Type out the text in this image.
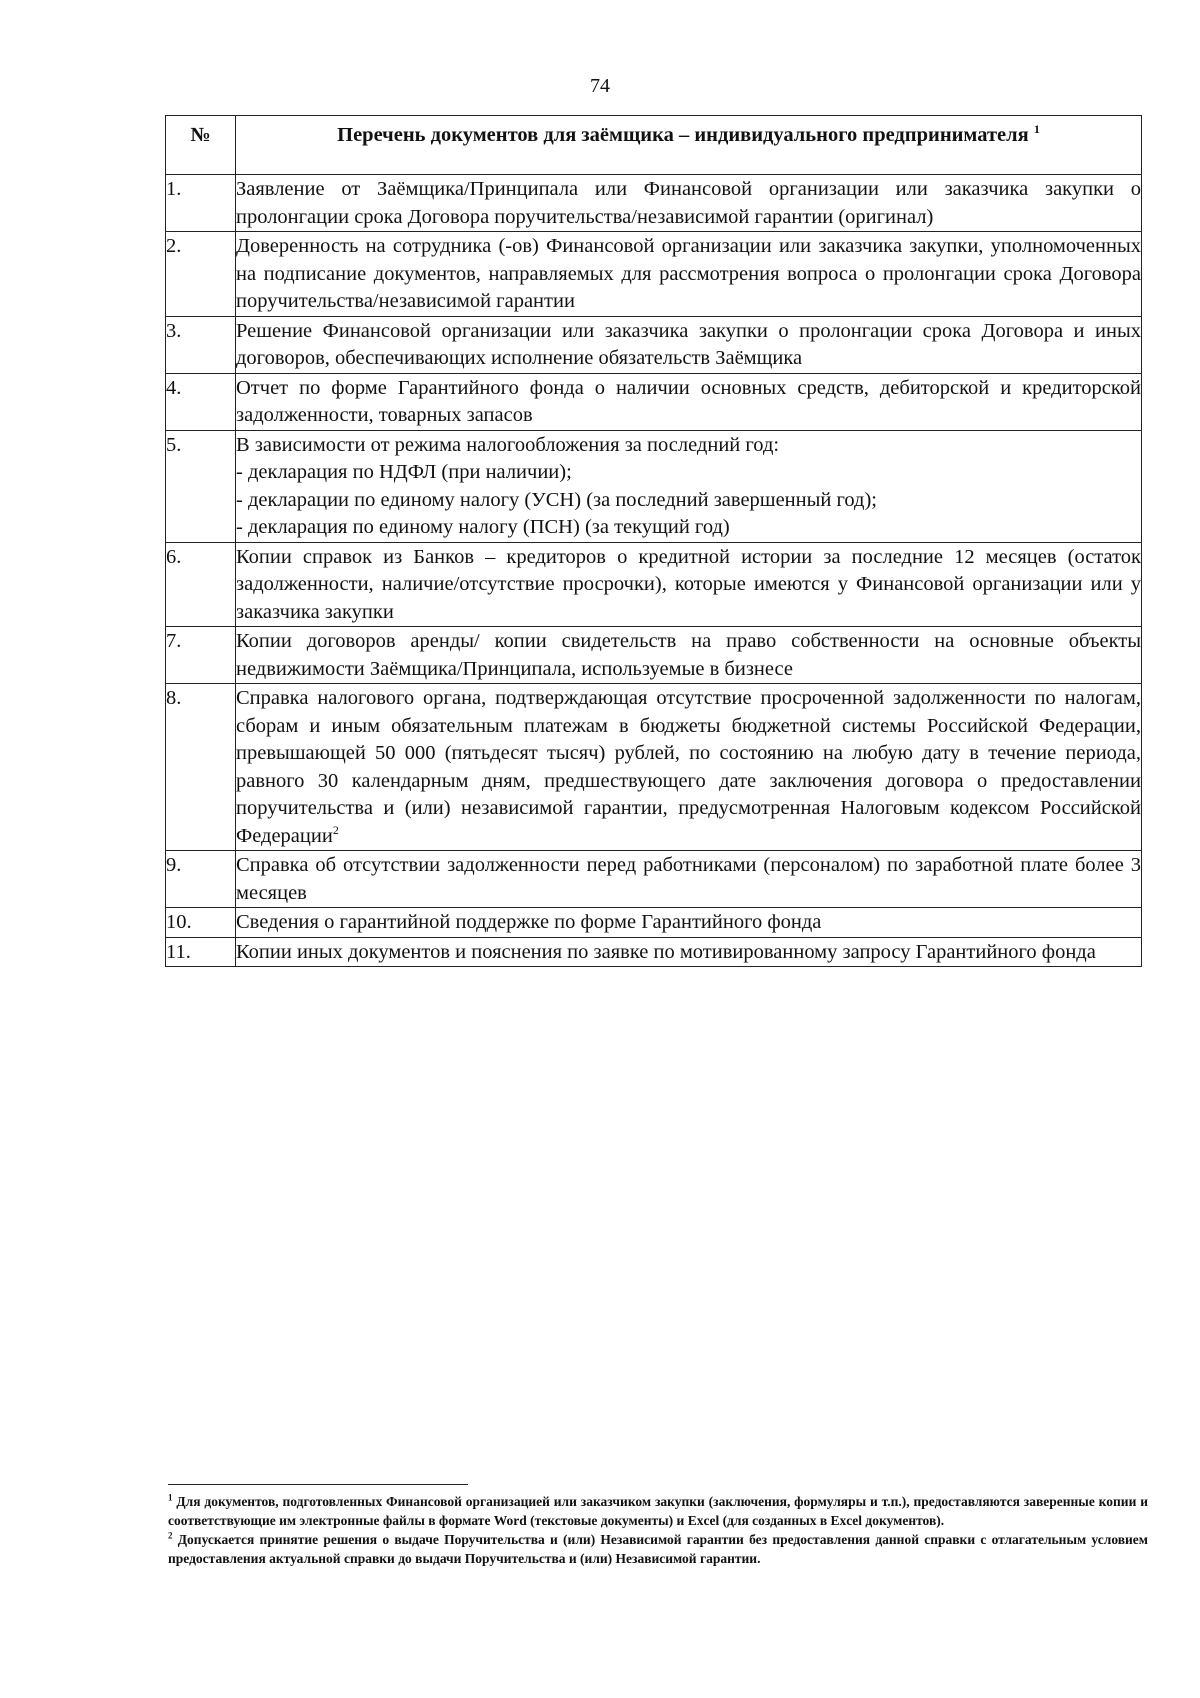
74
№	Перечень документов для заёмщика – индивидуального предпринимателя $^1$
1.	Заявление от Заёмщика/Принципала или Финансовой организации или заказчика закупки о пролонгации срока Договора поручительства/независимой гарантии (оригинал)
2.	Доверенность на сотрудника (-ов) Финансовой организации или заказчика закупки, уполномоченных на подписание документов, направляемых для рассмотрения вопроса о пролонгации срока Договора поручительства/независимой гарантии
3.	Решение Финансовой организации или заказчика закупки о пролонгации срока Договора и иных договоров, обеспечивающих исполнение обязательств Заёмщика
4.	Отчет по форме Гарантийного фонда о наличии основных средств, дебиторской и кредиторской задолженности, товарных запасов
5.	В зависимости от режима налогообложения за последний год:
- декларация по НДФЛ (при наличии);
- декларации по единому налогу (УСН) (за последний завершенный год);
- декларация по единому налогу (ПСН) (за текущий год)

6.	Копии справок из Банков – кредиторов о кредитной истории за последние 12 месяцев (остаток задолженности, наличие/отсутствие просрочки), которые имеются у Финансовой организации или у заказчика закупки
7.	Копии договоров аренды/ копии свидетельств на право собственности на основные объекты недвижимости Заёмщика/Принципала, используемые в бизнесе
8.	Справка налогового органа, подтверждающая отсутствие просроченной задолженности по налогам, сборам и иным обязательным платежам в бюджеты бюджетной системы Российской Федерации, превышающей 50 000 (пятьдесят тысяч) рублей, по состоянию на любую дату в течение периода, равного 30 календарным дням, предшествующего дате заключения договора о предоставлении поручительства и (или) независимой гарантии, предусмотренная Налоговым кодексом Российской Федерации$^2$
9.	Справка об отсутствии задолженности перед работниками (персоналом) по заработной плате более 3 месяцев
10.	Сведения о гарантийной поддержке по форме Гарантийного фонда
11.	Копии иных документов и пояснения по заявке по мотивированному запросу Гарантийного фонда

$^1$ Для документов, подготовленных Финансовой организацией или заказчиком закупки (заключения, формуляры и т.п.), предоставляются заверенные копии и соответствующие им электронные файлы в формате Word (текстовые документы) и Excel (для созданных в Excel документов).

$^2$ Допускается принятие решения о выдаче Поручительства и (или) Независимой гарантии без предоставления данной справки с отлагательным условием предоставления актуальной справки до выдачи Поручительства и (или) Независимой гарантии.
